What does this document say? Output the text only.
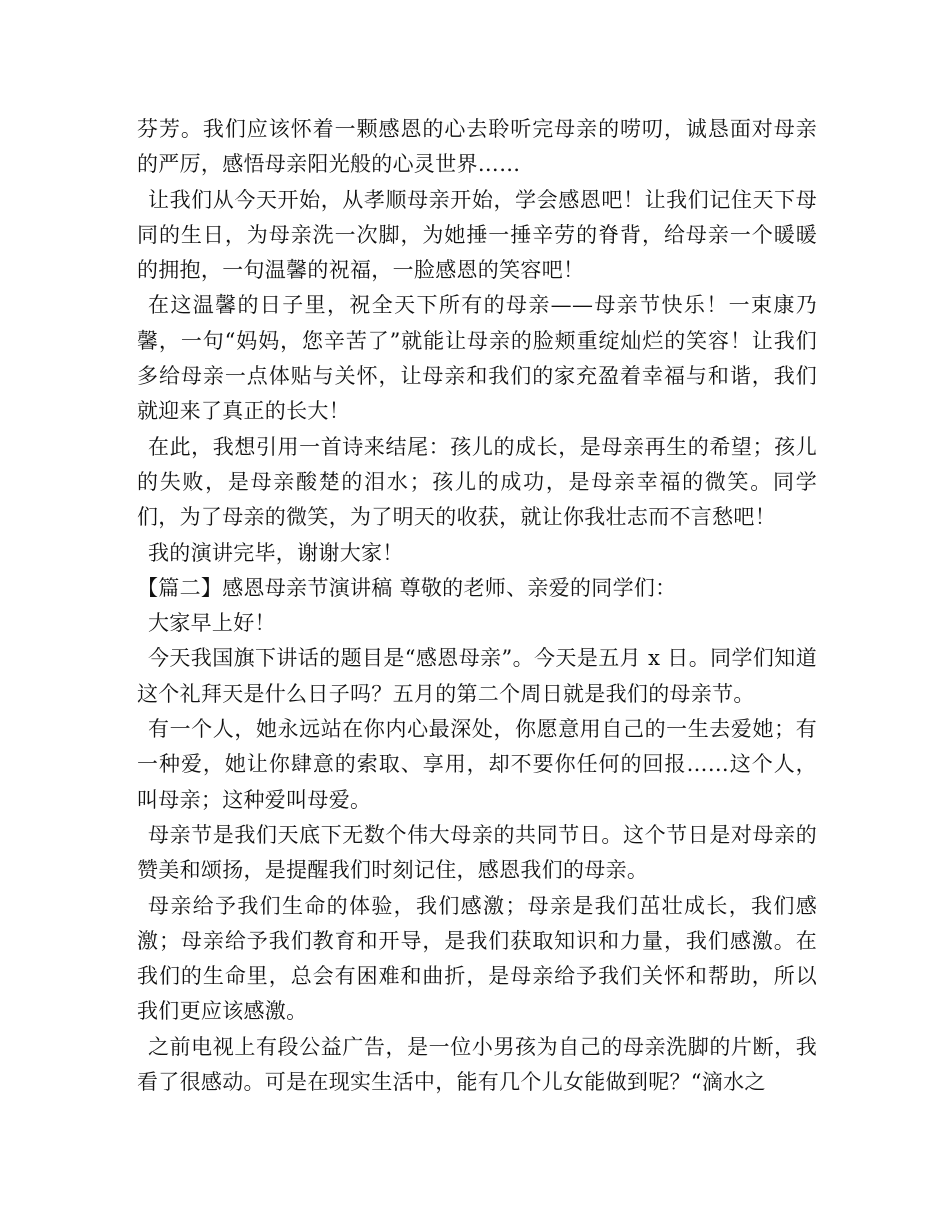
芬芳。我们应该怀着一颗感恩的心去聆听完母亲的唠叨，诚恳面对母亲的严厉，感悟母亲阳光般的心灵世界……

让我们从今天开始，从孝顺母亲开始，学会感恩吧！让我们记住天下母同的生日，为母亲洗一次脚，为她捶一捶辛劳的脊背，给母亲一个暖暖的拥抱，一句温馨的祝福，一脸感恩的笑容吧！

在这温馨的日子里，祝全天下所有的母亲——母亲节快乐！一束康乃馨，一句“妈妈，您辛苦了”就能让母亲的脸颊重绽灿烂的笑容！让我们多给母亲一点体贴与关怀，让母亲和我们的家充盈着幸福与和谐，我们就迎来了真正的长大！

在此，我想引用一首诗来结尾：孩儿的成长，是母亲再生的希望；孩儿的失败，是母亲酸楚的泪水；孩儿的成功，是母亲幸福的微笑。同学们，为了母亲的微笑，为了明天的收获，就让你我壮志而不言愁吧！

我的演讲完毕，谢谢大家！

【篇二】感恩母亲节演讲稿 尊敬的老师、亲爱的同学们：

大家早上好！

今天我国旗下讲话的题目是“感恩母亲”。今天是五月 x 日。同学们知道这个礼拜天是什么日子吗？五月的第二个周日就是我们的母亲节。

有一个人，她永远站在你内心最深处，你愿意用自己的一生去爱她；有一种爱，她让你肆意的索取、享用，却不要你任何的回报……这个人，叫母亲；这种爱叫母爱。

母亲节是我们天底下无数个伟大母亲的共同节日。这个节日是对母亲的赞美和颂扬，是提醒我们时刻记住，感恩我们的母亲。

母亲给予我们生命的体验，我们感激；母亲是我们茁壮成长，我们感激；母亲给予我们教育和开导，是我们获取知识和力量，我们感激。在我们的生命里，总会有困难和曲折，是母亲给予我们关怀和帮助，所以我们更应该感激。

之前电视上有段公益广告，是一位小男孩为自己的母亲洗脚的片断，我看了很感动。可是在现实生活中，能有几个儿女能做到呢？“滴水之
